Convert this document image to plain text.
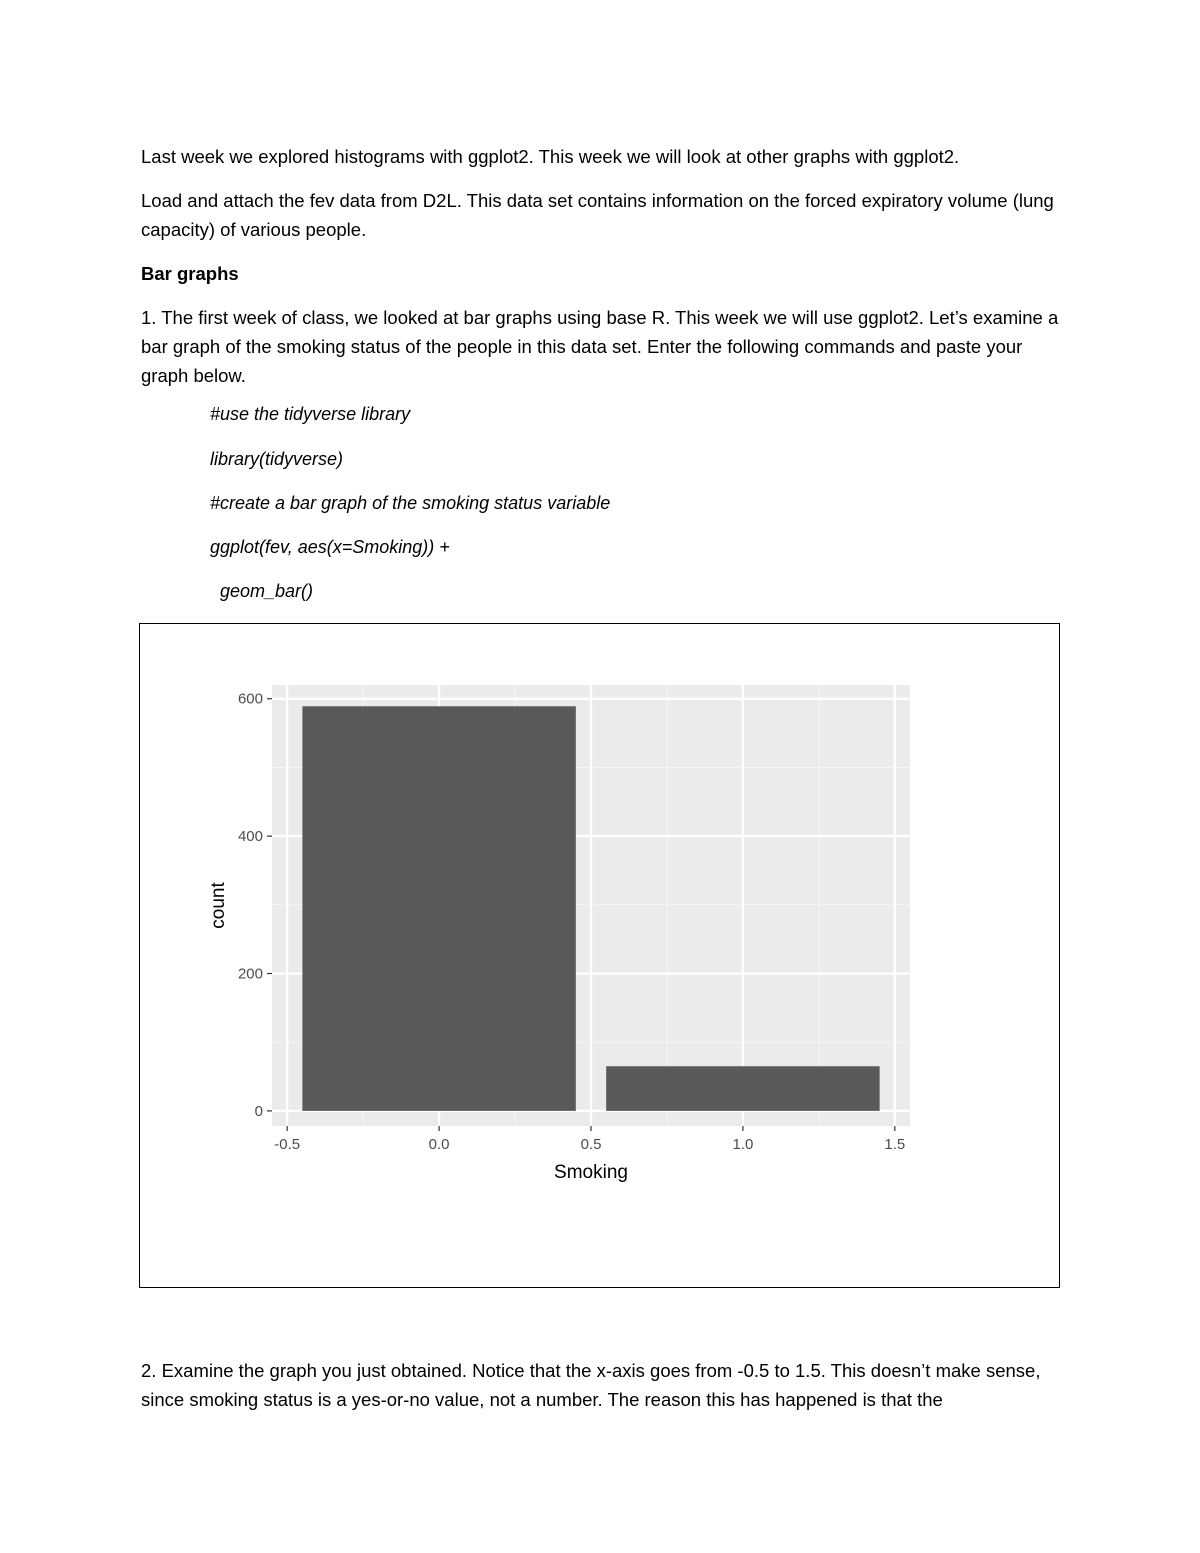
Last week we explored histograms with ggplot2. This week we will look at other graphs with ggplot2.

Load and attach the fev data from D2L. This data set contains information on the forced expiratory volume (lung capacity) of various people.

Bar graphs

1. The first week of class, we looked at bar graphs using base R. This week we will use ggplot2. Let’s examine a bar graph of the smoking status of the people in this data set. Enter the following commands and paste your graph below.

#use the tidyverse library

library(tidyverse)

#create a bar graph of the smoking status variable

ggplot(fev, aes(x=Smoking)) +

geom_bar()

-0.5	0.0	0.5	1.0	1.5
0
200
400
600
Smoking
count

2. Examine the graph you just obtained. Notice that the x-axis goes from -0.5 to 1.5. This doesn’t make sense, since smoking status is a yes-or-no value, not a number. The reason this has happened is that the
